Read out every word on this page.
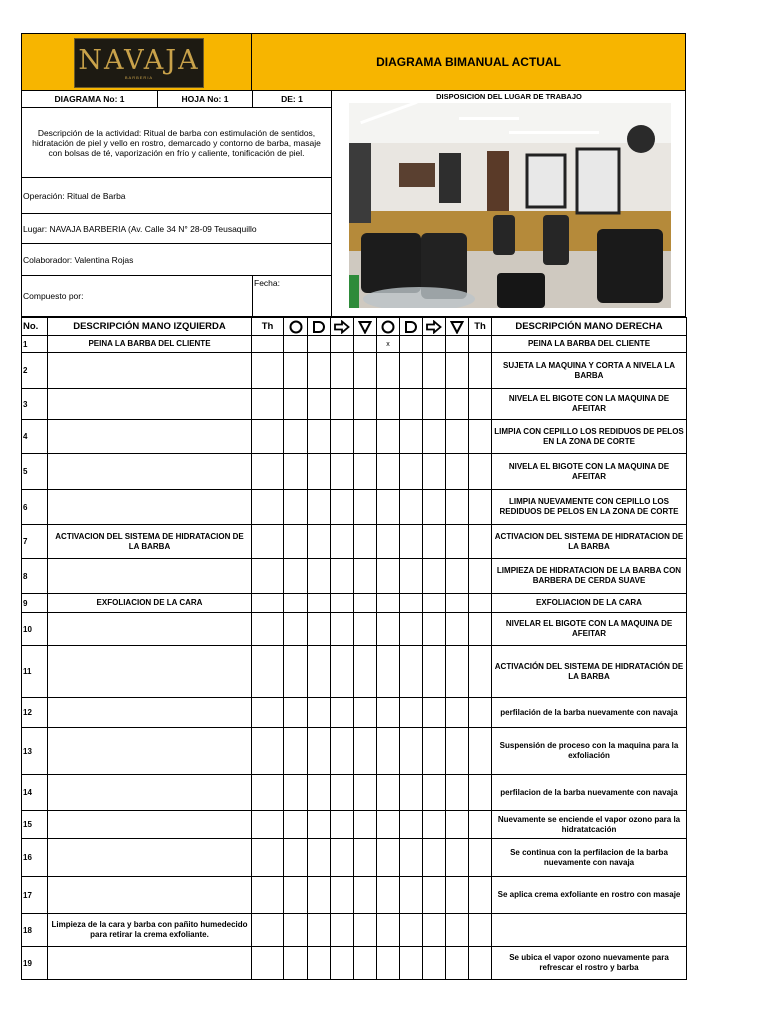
NAVAJA
BARBERIA
DIAGRAMA BIMANUAL ACTUAL
DIAGRAMA No: 1	HOJA No: 1	DE: 1	DISPOSICION DEL LUGAR DE TRABAJO
Descripción de la actividad: Ritual de barba con estimulación de sentidos, hidratación de piel y vello en rostro, demarcado y contorno de barba, masaje con bolsas de té, vaporización en frío y caliente, tonificación de piel.
Operación: Ritual de Barba
Lugar: NAVAJA BARBERIA (Av. Calle 34 N° 28-09 Teusaquillo
Colaborador: Valentina Rojas
Compuesto por:
Fecha:
No.	DESCRIPCIÓN MANO IZQUIERDA	Th									Th	DESCRIPCIÓN MANO DERECHA
1	PEINA LA BARBA DEL CLIENTE						x					PEINA LA BARBA DEL CLIENTE
2												SUJETA LA MAQUINA Y CORTA A NIVELA LA BARBA
3												NIVELA EL BIGOTE CON LA MAQUINA DE AFEITAR
4												LIMPIA CON CEPILLO LOS REDIDUOS DE PELOS EN LA ZONA DE CORTE
5												NIVELA EL BIGOTE CON LA MAQUINA DE AFEITAR
6												LIMPIA NUEVAMENTE CON CEPILLO LOS REDIDUOS DE PELOS EN LA ZONA DE CORTE
7	ACTIVACION DEL SISTEMA DE HIDRATACION DE LA BARBA											ACTIVACION DEL SISTEMA DE HIDRATACION DE LA BARBA
8												LIMPIEZA DE HIDRATACION DE LA BARBA CON BARBERA DE CERDA SUAVE
9	EXFOLIACION DE LA CARA											EXFOLIACION DE LA CARA
10												NIVELAR EL BIGOTE CON LA MAQUINA DE AFEITAR
11												ACTIVACIÓN DEL SISTEMA DE HIDRATACIÓN DE LA BARBA
12												perfilación de la barba nuevamente con navaja
13												Suspensión de proceso con la maquina para la exfoliación
14												perfilacion de la barba nuevamente con navaja
15												Nuevamente se enciende el vapor ozono para la hidratatcación
16												Se continua con la perfilacion de la barba nuevamente con navaja
17												Se aplica crema exfoliante en rostro con masaje
18	Limpieza de la cara y barba con pañito humedecido para retirar la crema exfoliante.											
19												Se ubica el vapor ozono nuevamente para refrescar el rostro y barba
